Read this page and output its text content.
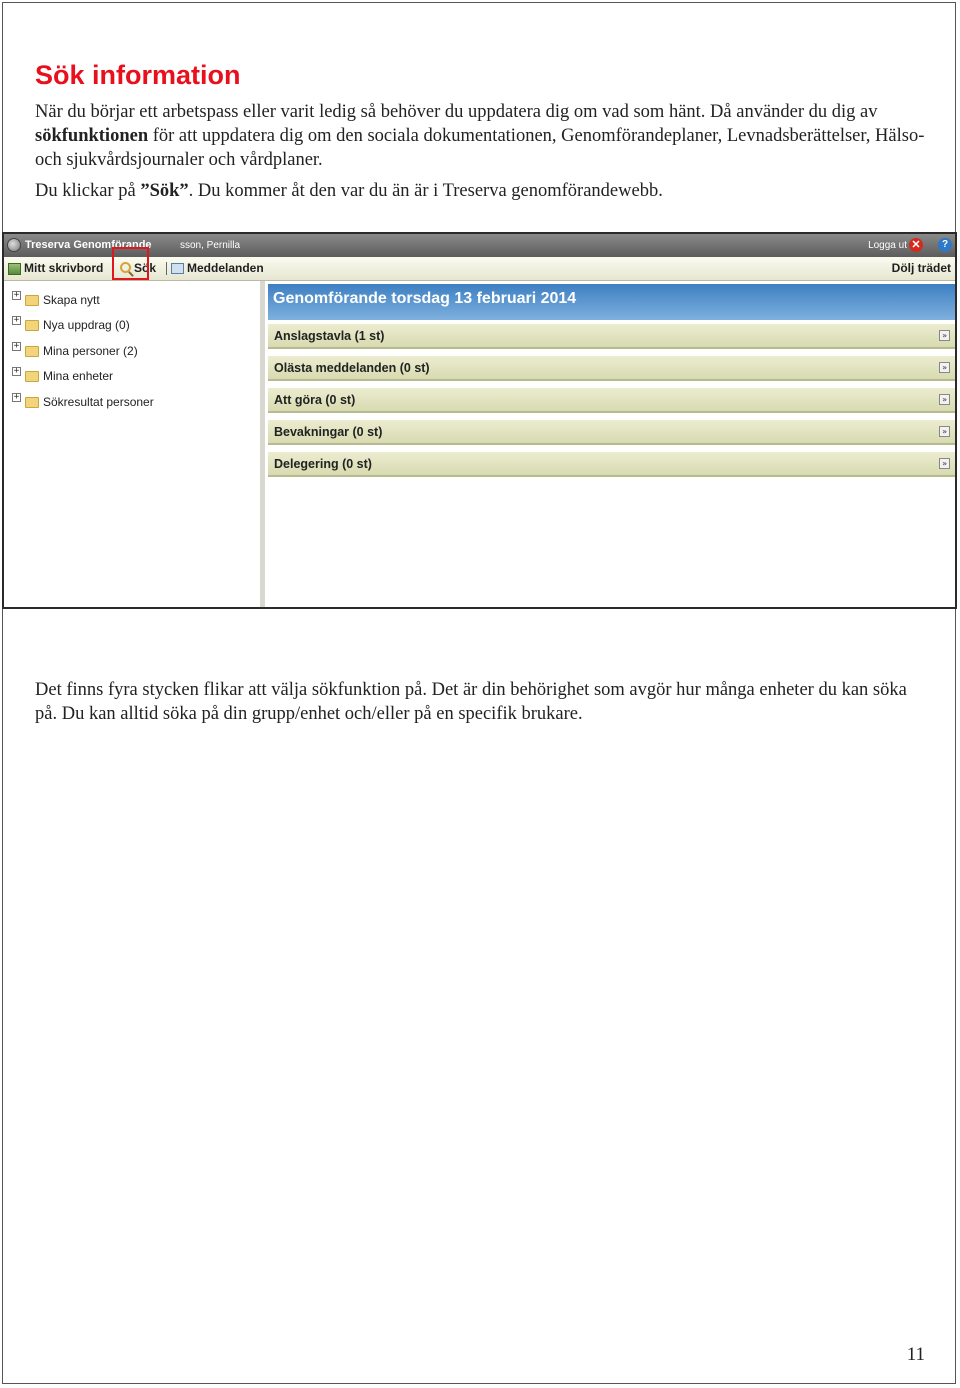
Sök information

När du börjar ett arbetspass eller varit ledig så behöver du uppdatera dig om vad som hänt. Då använder du dig av sökfunktionen för att uppdatera dig om den sociala dokumentationen, Genomförandeplaner, Levnadsberättelser, Hälso- och sjukvårdsjournaler och vårdplaner.

Du klickar på ”Sök”. Du kommer åt den var du än är i Treserva genomförandewebb.

Treserva Genomförande	sson, Pernilla	Logga ut ✕	?
Mitt skrivbord	Sök	Meddelanden	Dölj trädet
+ Skapa nytt
+ Nya uppdrag (0)
+ Mina personer (2)
+ Mina enheter
+ Sökresultat personer
Genomförande torsdag 13 februari 2014
Anslagstavla (1 st)	»
Olästa meddelanden (0 st)	»
Att göra (0 st)	»
Bevakningar (0 st)	»
Delegering (0 st)	»

Det finns fyra stycken flikar att välja sökfunktion på. Det är din behörighet som avgör hur många enheter du kan söka på. Du kan alltid söka på din grupp/enhet och/eller på en specifik brukare.

11
